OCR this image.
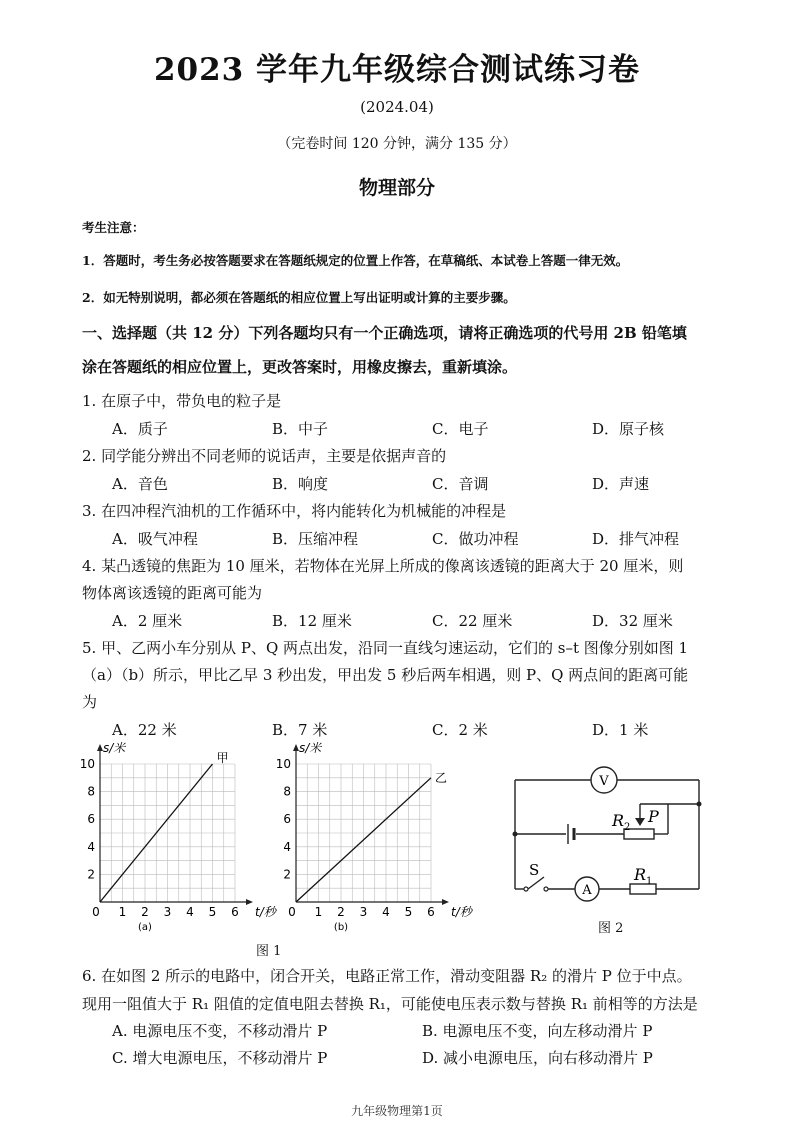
2023 学年九年级综合测试练习卷
(2024.04)
（完卷时间 120 分钟，满分 135 分）
物理部分
考生注意：
1．答题时，考生务必按答题要求在答题纸规定的位置上作答，在草稿纸、本试卷上答题一律无效。
2．如无特别说明，都必须在答题纸的相应位置上写出证明或计算的主要步骤。
一、选择题（共 12 分）下列各题均只有一个正确选项，请将正确选项的代号用 2B 铅笔填
涂在答题纸的相应位置上，更改答案时，用橡皮擦去，重新填涂。
1. 在原子中，带负电的粒子是
A．质子	B．中子	C．电子	D．原子核
2. 同学能分辨出不同老师的说话声，主要是依据声音的
A．音色	B．响度	C．音调	D．声速
3. 在四冲程汽油机的工作循环中，将内能转化为机械能的冲程是
A．吸气冲程	B．压缩冲程	C．做功冲程	D．排气冲程
4. 某凸透镜的焦距为 10 厘米，若物体在光屏上所成的像离该透镜的距离大于 20 厘米，则
物体离该透镜的距离可能为
A．2 厘米	B．12 厘米	C．22 厘米	D．32 厘米
5. 甲、乙两小车分别从 P、Q 两点出发，沿同一直线匀速运动，它们的 s–t 图像分别如图 1
（a）（b）所示，甲比乙早 3 秒出发，甲出发 5 秒后两车相遇，则 P、Q 两点间的距离可能
为
A．22 米	B．7 米	C．2 米	D．1 米
0 1 2 3 4 5 6
2
4
6
8
10
t/秒
s/米
(a)
甲
0 1 2 3 4 5 6
2
4
6
8
10
t/秒
s/米
(b)
乙
图 1
V
A
S
R 2
P
R 1
图 2
6. 在如图 2 所示的电路中，闭合开关，电路正常工作，滑动变阻器 R₂ 的滑片 P 位于中点。
现用一阻值大于 R₁ 阻值的定值电阻去替换 R₁，可能使电压表示数与替换 R₁ 前相等的方法是
A. 电源电压不变，不移动滑片 P	B. 电源电压不变，向左移动滑片 P
C. 增大电源电压，不移动滑片 P	D. 减小电源电压，向右移动滑片 P
九年级物理第1页
